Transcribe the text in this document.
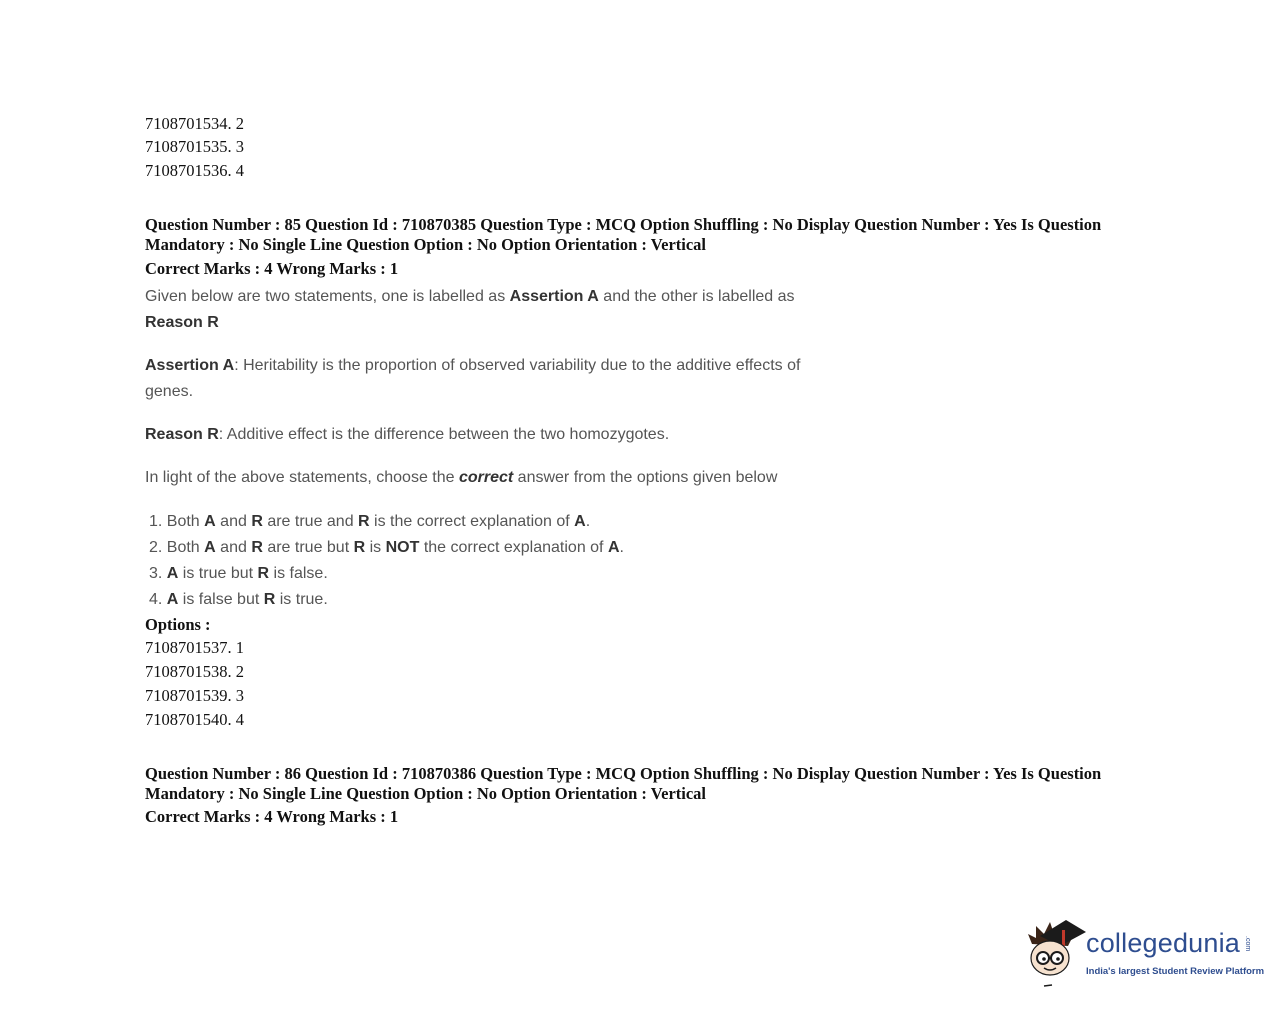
7108701534. 2
7108701535. 3
7108701536. 4
Question Number : 85 Question Id : 710870385 Question Type : MCQ Option Shuffling : No Display Question Number : Yes Is Question
Mandatory : No Single Line Question Option : No Option Orientation : Vertical
Correct Marks : 4 Wrong Marks : 1
Given below are two statements, one is labelled as Assertion A and the other is labelled as
Reason R
Assertion A: Heritability is the proportion of observed variability due to the additive effects of
genes.
Reason R: Additive effect is the difference between the two homozygotes.
In light of the above statements, choose the correct answer from the options given below
1. Both A and R are true and R is the correct explanation of A.
2. Both A and R are true but R is NOT the correct explanation of A.
3. A is true but R is false.
4. A is false but R is true.
Options :
7108701537. 1
7108701538. 2
7108701539. 3
7108701540. 4
Question Number : 86 Question Id : 710870386 Question Type : MCQ Option Shuffling : No Display Question Number : Yes Is Question
Mandatory : No Single Line Question Option : No Option Orientation : Vertical
Correct Marks : 4 Wrong Marks : 1
collegedunia .com
India's largest Student Review Platform
